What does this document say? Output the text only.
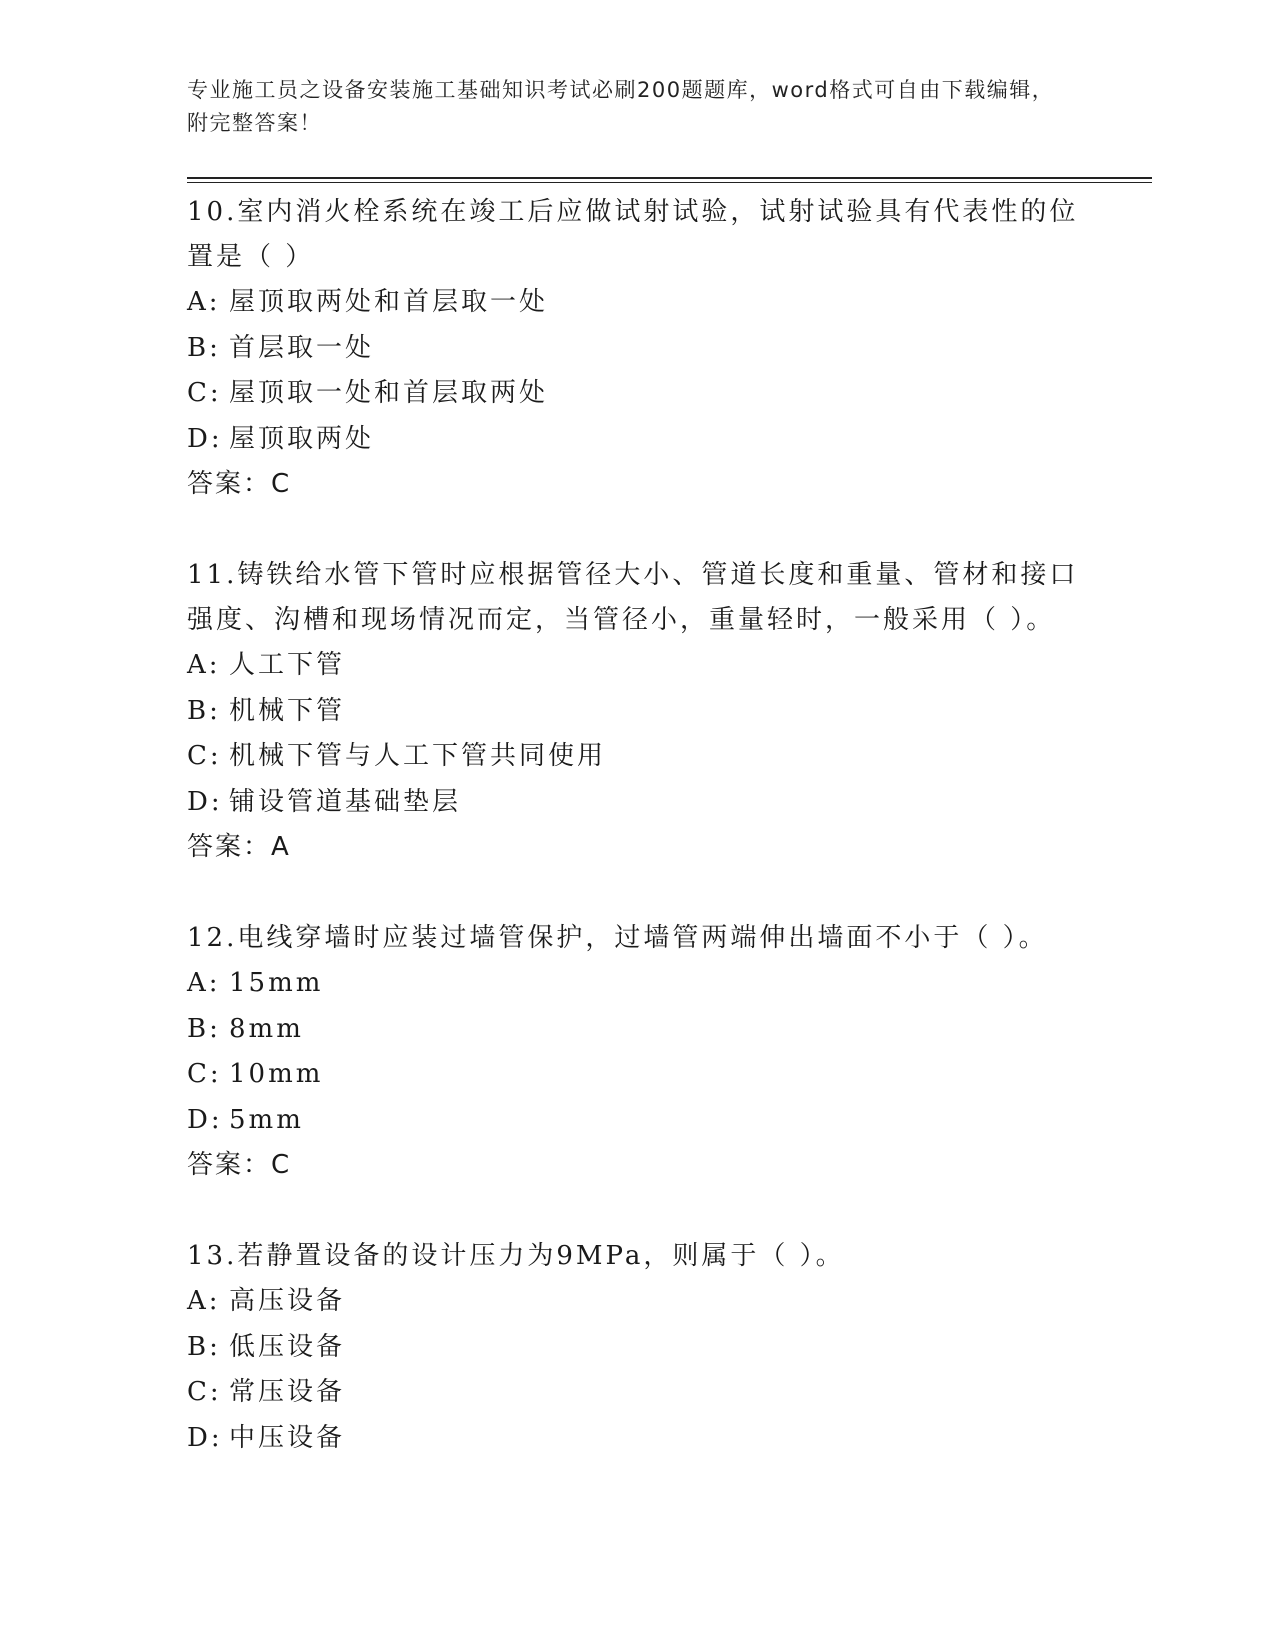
专业施工员之设备安装施工基础知识考试必刷200题题库，word格式可自由下载编辑，附完整答案！

10.室内消火栓系统在竣工后应做试射试验，试射试验具有代表性的位置是（ ）

A: 屋顶取两处和首层取一处

B: 首层取一处

C: 屋顶取一处和首层取两处

D: 屋顶取两处

答案：C

11.铸铁给水管下管时应根据管径大小、管道长度和重量、管材和接口强度、沟槽和现场情况而定，当管径小，重量轻时，一般采用（ ）。

A: 人工下管

B: 机械下管

C: 机械下管与人工下管共同使用

D: 铺设管道基础垫层

答案：A

12.电线穿墙时应装过墙管保护，过墙管两端伸出墙面不小于（ ）。

A: 15mm

B: 8mm

C: 10mm

D: 5mm

答案：C

13.若静置设备的设计压力为9MPa，则属于（ ）。

A: 高压设备

B: 低压设备

C: 常压设备

D: 中压设备
